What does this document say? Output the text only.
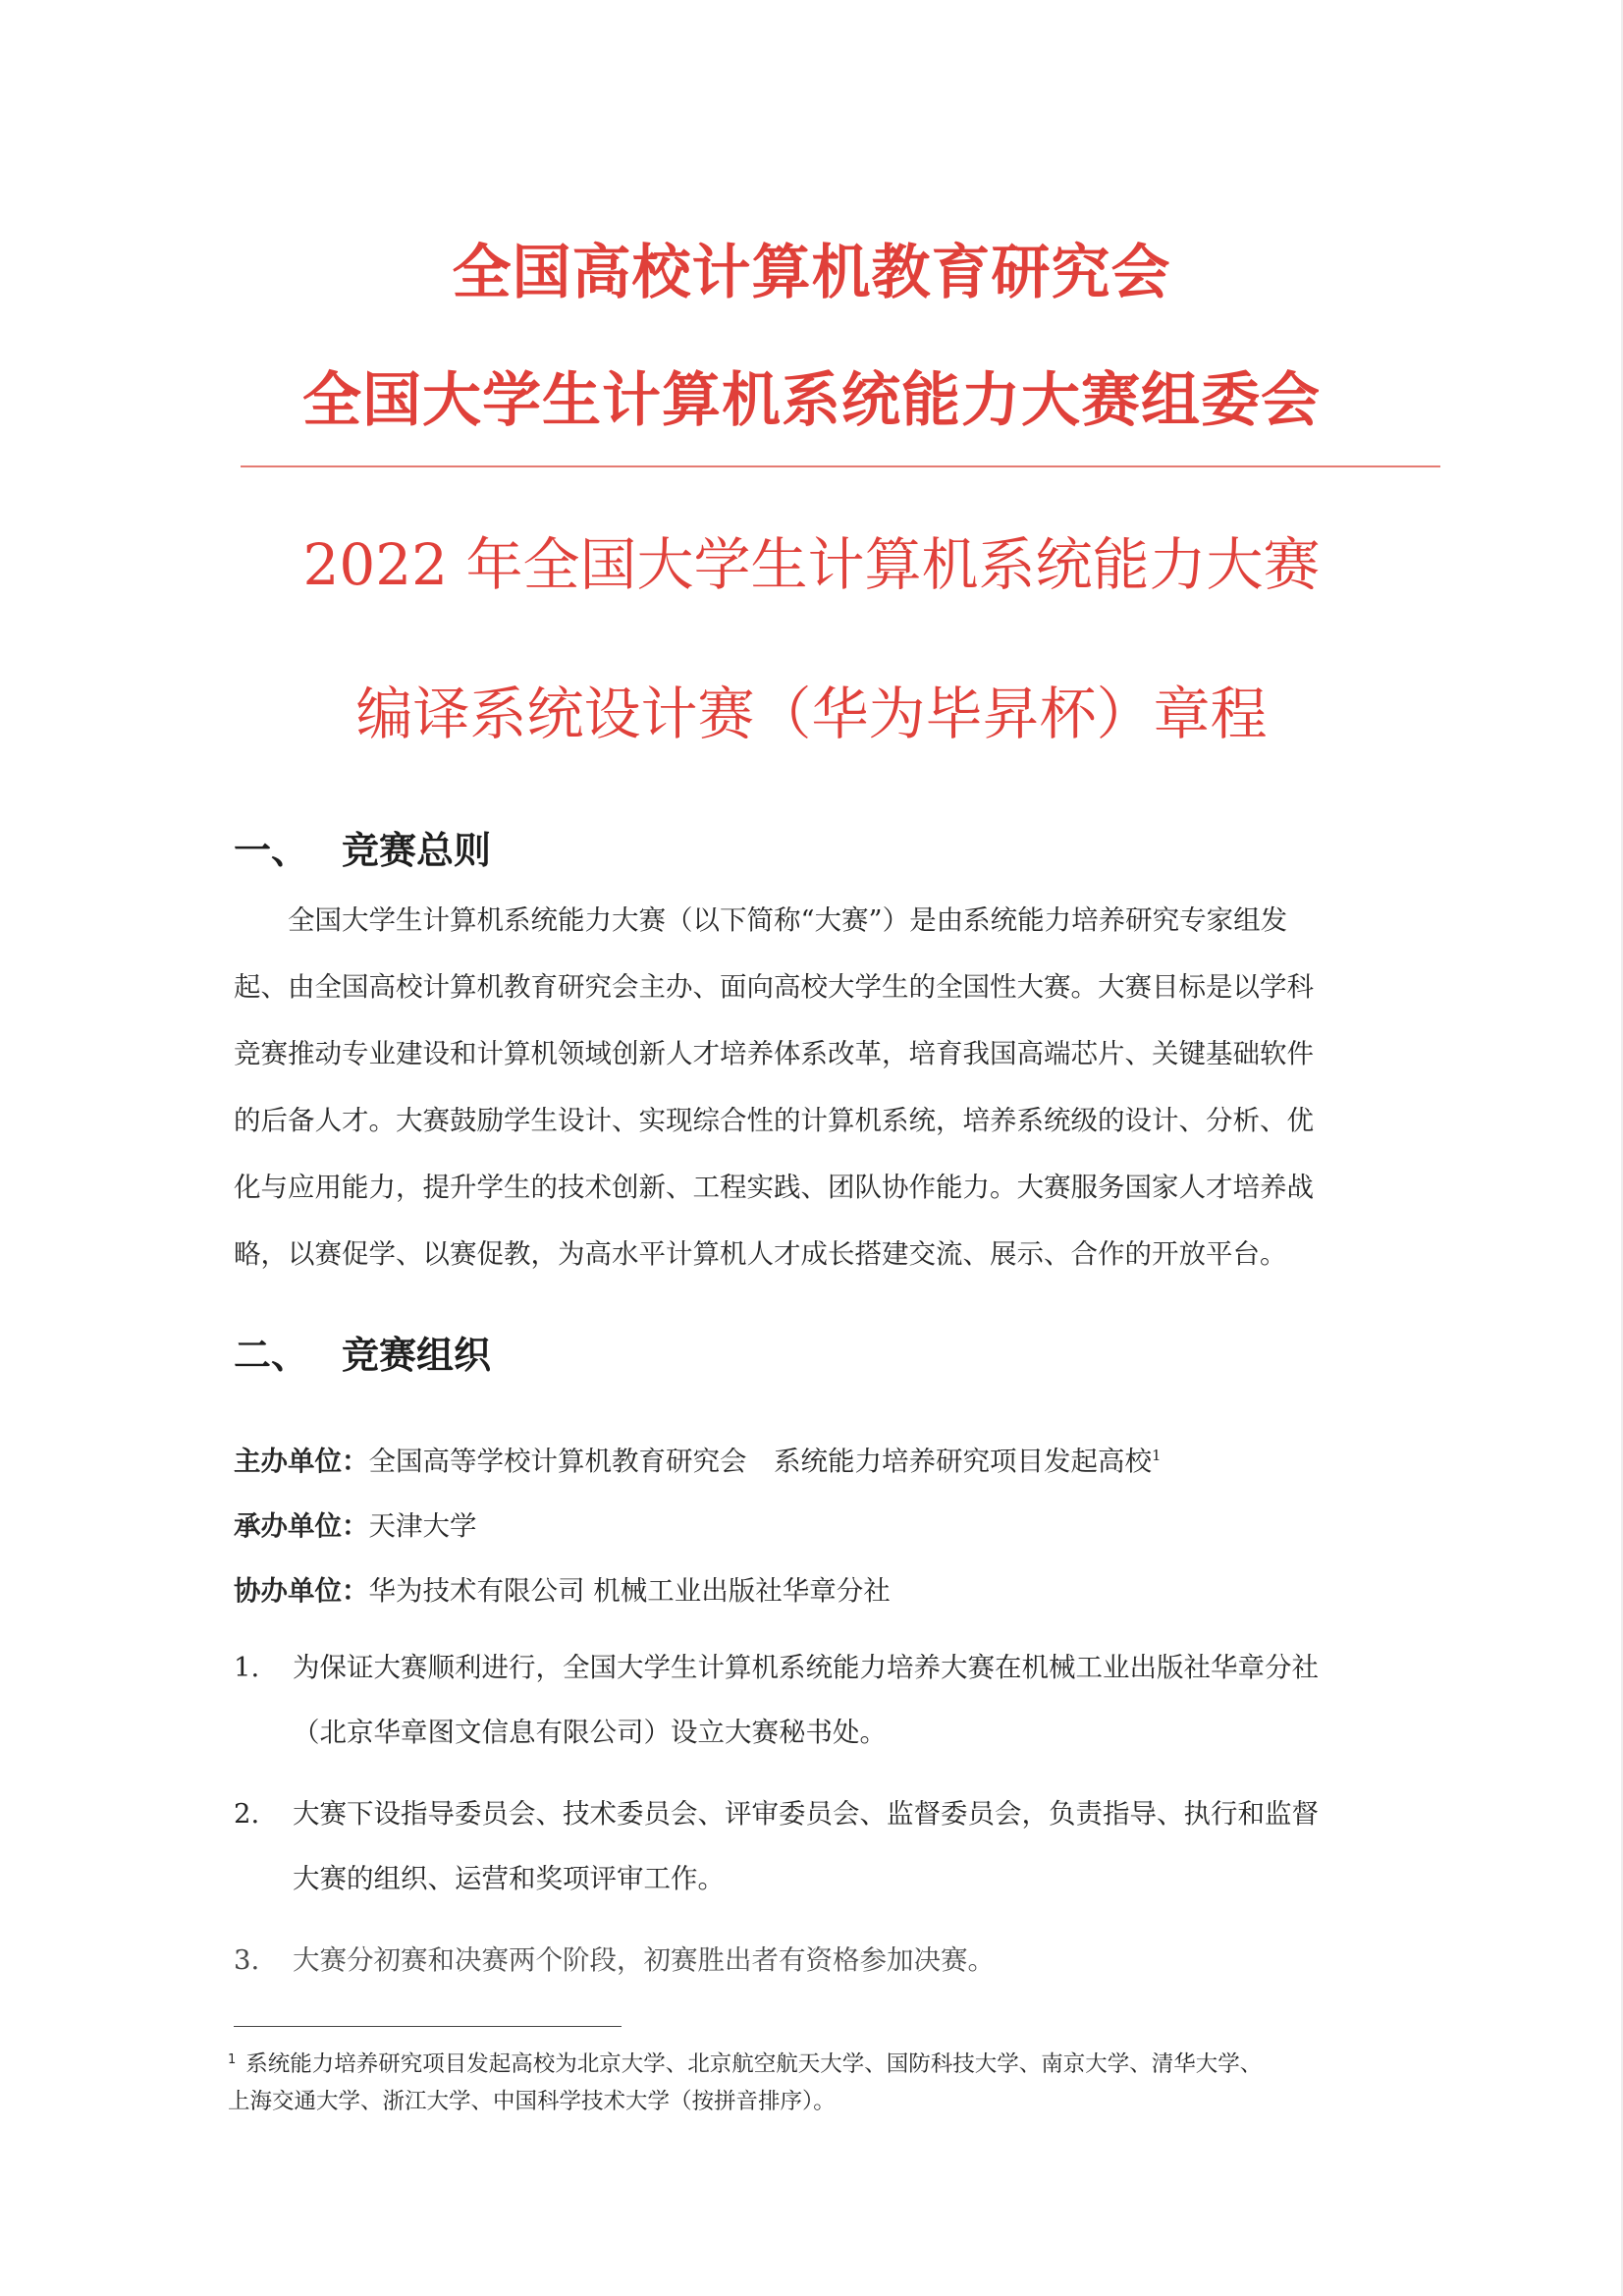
全国高校计算机教育研究会
全国大学生计算机系统能力大赛组委会
2022 年全国大学生计算机系统能力大赛
编译系统设计赛（华为毕昇杯）章程
一、 竞赛总则
全国大学生计算机系统能力大赛（以下简称“大赛”）是由系统能力培养研究专家组发
起、由全国高校计算机教育研究会主办、面向高校大学生的全国性大赛。大赛目标是以学科
竞赛推动专业建设和计算机领域创新人才培养体系改革，培育我国高端芯片、关键基础软件
的后备人才。大赛鼓励学生设计、实现综合性的计算机系统，培养系统级的设计、分析、优
化与应用能力，提升学生的技术创新、工程实践、团队协作能力。大赛服务国家人才培养战
略，以赛促学、以赛促教，为高水平计算机人才成长搭建交流、展示、合作的开放平台。
二、 竞赛组织
主办单位：全国高等学校计算机教育研究会　系统能力培养研究项目发起高校$^1$
承办单位：天津大学
协办单位：华为技术有限公司 机械工业出版社华章分社
1.	为保证大赛顺利进行，全国大学生计算机系统能力培养大赛在机械工业出版社华章分社
（北京华章图文信息有限公司）设立大赛秘书处。
2.	大赛下设指导委员会、技术委员会、评审委员会、监督委员会，负责指导、执行和监督
大赛的组织、运营和奖项评审工作。
3.	大赛分初赛和决赛两个阶段，初赛胜出者有资格参加决赛。
$^1$ 系统能力培养研究项目发起高校为北京大学、北京航空航天大学、国防科技大学、南京大学、清华大学、
上海交通大学、浙江大学、中国科学技术大学（按拼音排序）。
